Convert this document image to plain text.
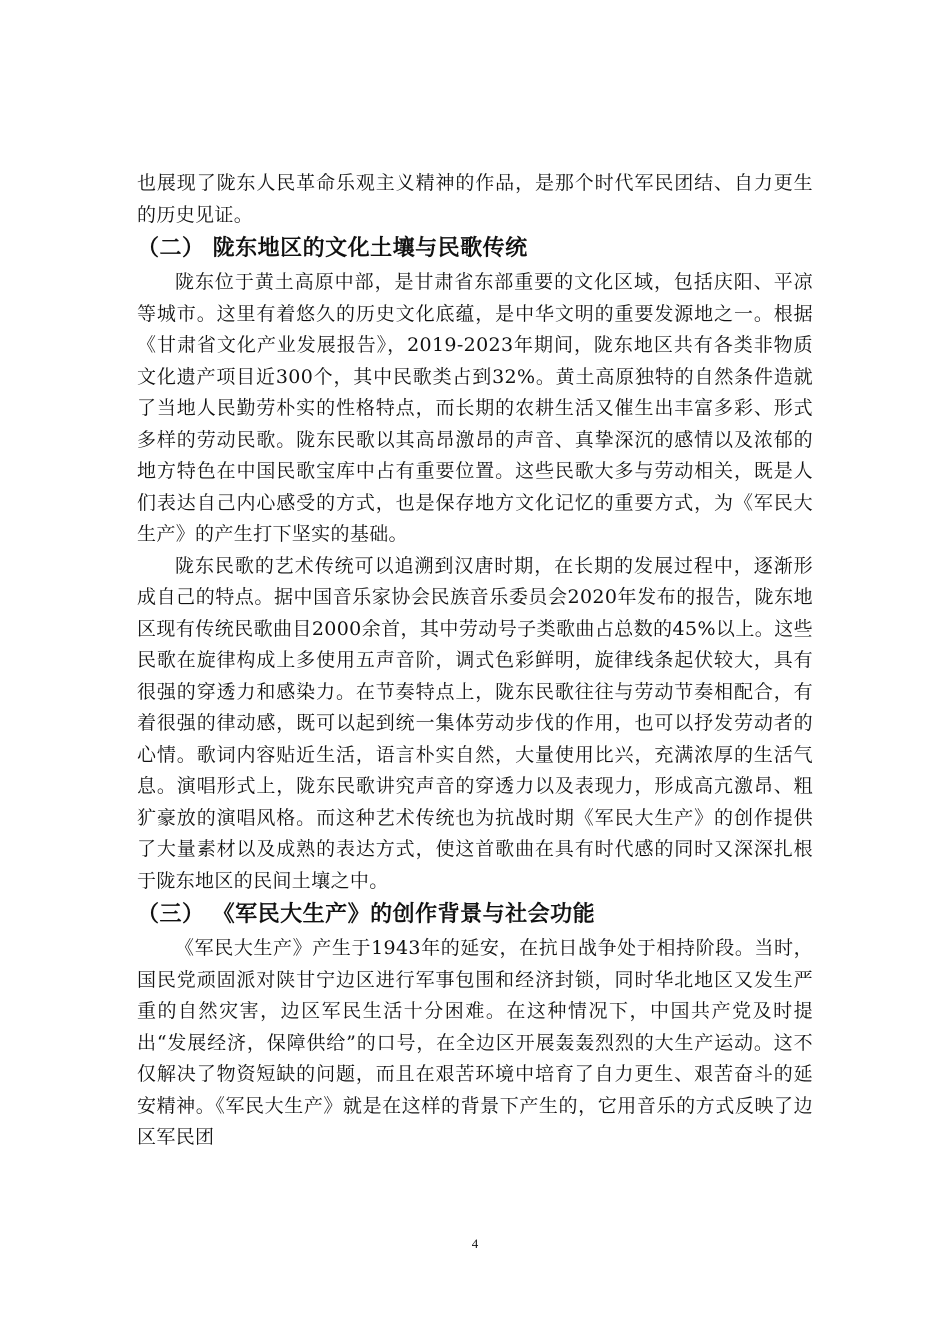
也展现了陇东人民革命乐观主义精神的作品，是那个时代军民团结、自力更生的历史见证。

（二） 陇东地区的文化土壤与民歌传统

陇东位于黄土高原中部，是甘肃省东部重要的文化区域，包括庆阳、平凉等城市。这里有着悠久的历史文化底蕴，是中华文明的重要发源地之一。根据《甘肃省文化产业发展报告》，2019-2023年期间，陇东地区共有各类非物质文化遗产项目近300个，其中民歌类占到32%。黄土高原独特的自然条件造就了当地人民勤劳朴实的性格特点，而长期的农耕生活又催生出丰富多彩、形式多样的劳动民歌。陇东民歌以其高昂激昂的声音、真挚深沉的感情以及浓郁的地方特色在中国民歌宝库中占有重要位置。这些民歌大多与劳动相关，既是人们表达自己内心感受的方式，也是保存地方文化记忆的重要方式，为《军民大生产》的产生打下坚实的基础。

陇东民歌的艺术传统可以追溯到汉唐时期，在长期的发展过程中，逐渐形成自己的特点。据中国音乐家协会民族音乐委员会2020年发布的报告，陇东地区现有传统民歌曲目2000余首，其中劳动号子类歌曲占总数的45%以上。这些民歌在旋律构成上多使用五声音阶，调式色彩鲜明，旋律线条起伏较大，具有很强的穿透力和感染力。在节奏特点上，陇东民歌往往与劳动节奏相配合，有着很强的律动感，既可以起到统一集体劳动步伐的作用，也可以抒发劳动者的心情。歌词内容贴近生活，语言朴实自然，大量使用比兴，充满浓厚的生活气息。演唱形式上，陇东民歌讲究声音的穿透力以及表现力，形成高亢激昂、粗犷豪放的演唱风格。而这种艺术传统也为抗战时期《军民大生产》的创作提供了大量素材以及成熟的表达方式，使这首歌曲在具有时代感的同时又深深扎根于陇东地区的民间土壤之中。

（三） 《军民大生产》的创作背景与社会功能

《军民大生产》产生于1943年的延安，在抗日战争处于相持阶段。当时，国民党顽固派对陕甘宁边区进行军事包围和经济封锁，同时华北地区又发生严重的自然灾害，边区军民生活十分困难。在这种情况下，中国共产党及时提出“发展经济，保障供给”的口号，在全边区开展轰轰烈烈的大生产运动。这不仅解决了物资短缺的问题，而且在艰苦环境中培育了自力更生、艰苦奋斗的延安精神。《军民大生产》就是在这样的背景下产生的，它用音乐的方式反映了边区军民团

4
